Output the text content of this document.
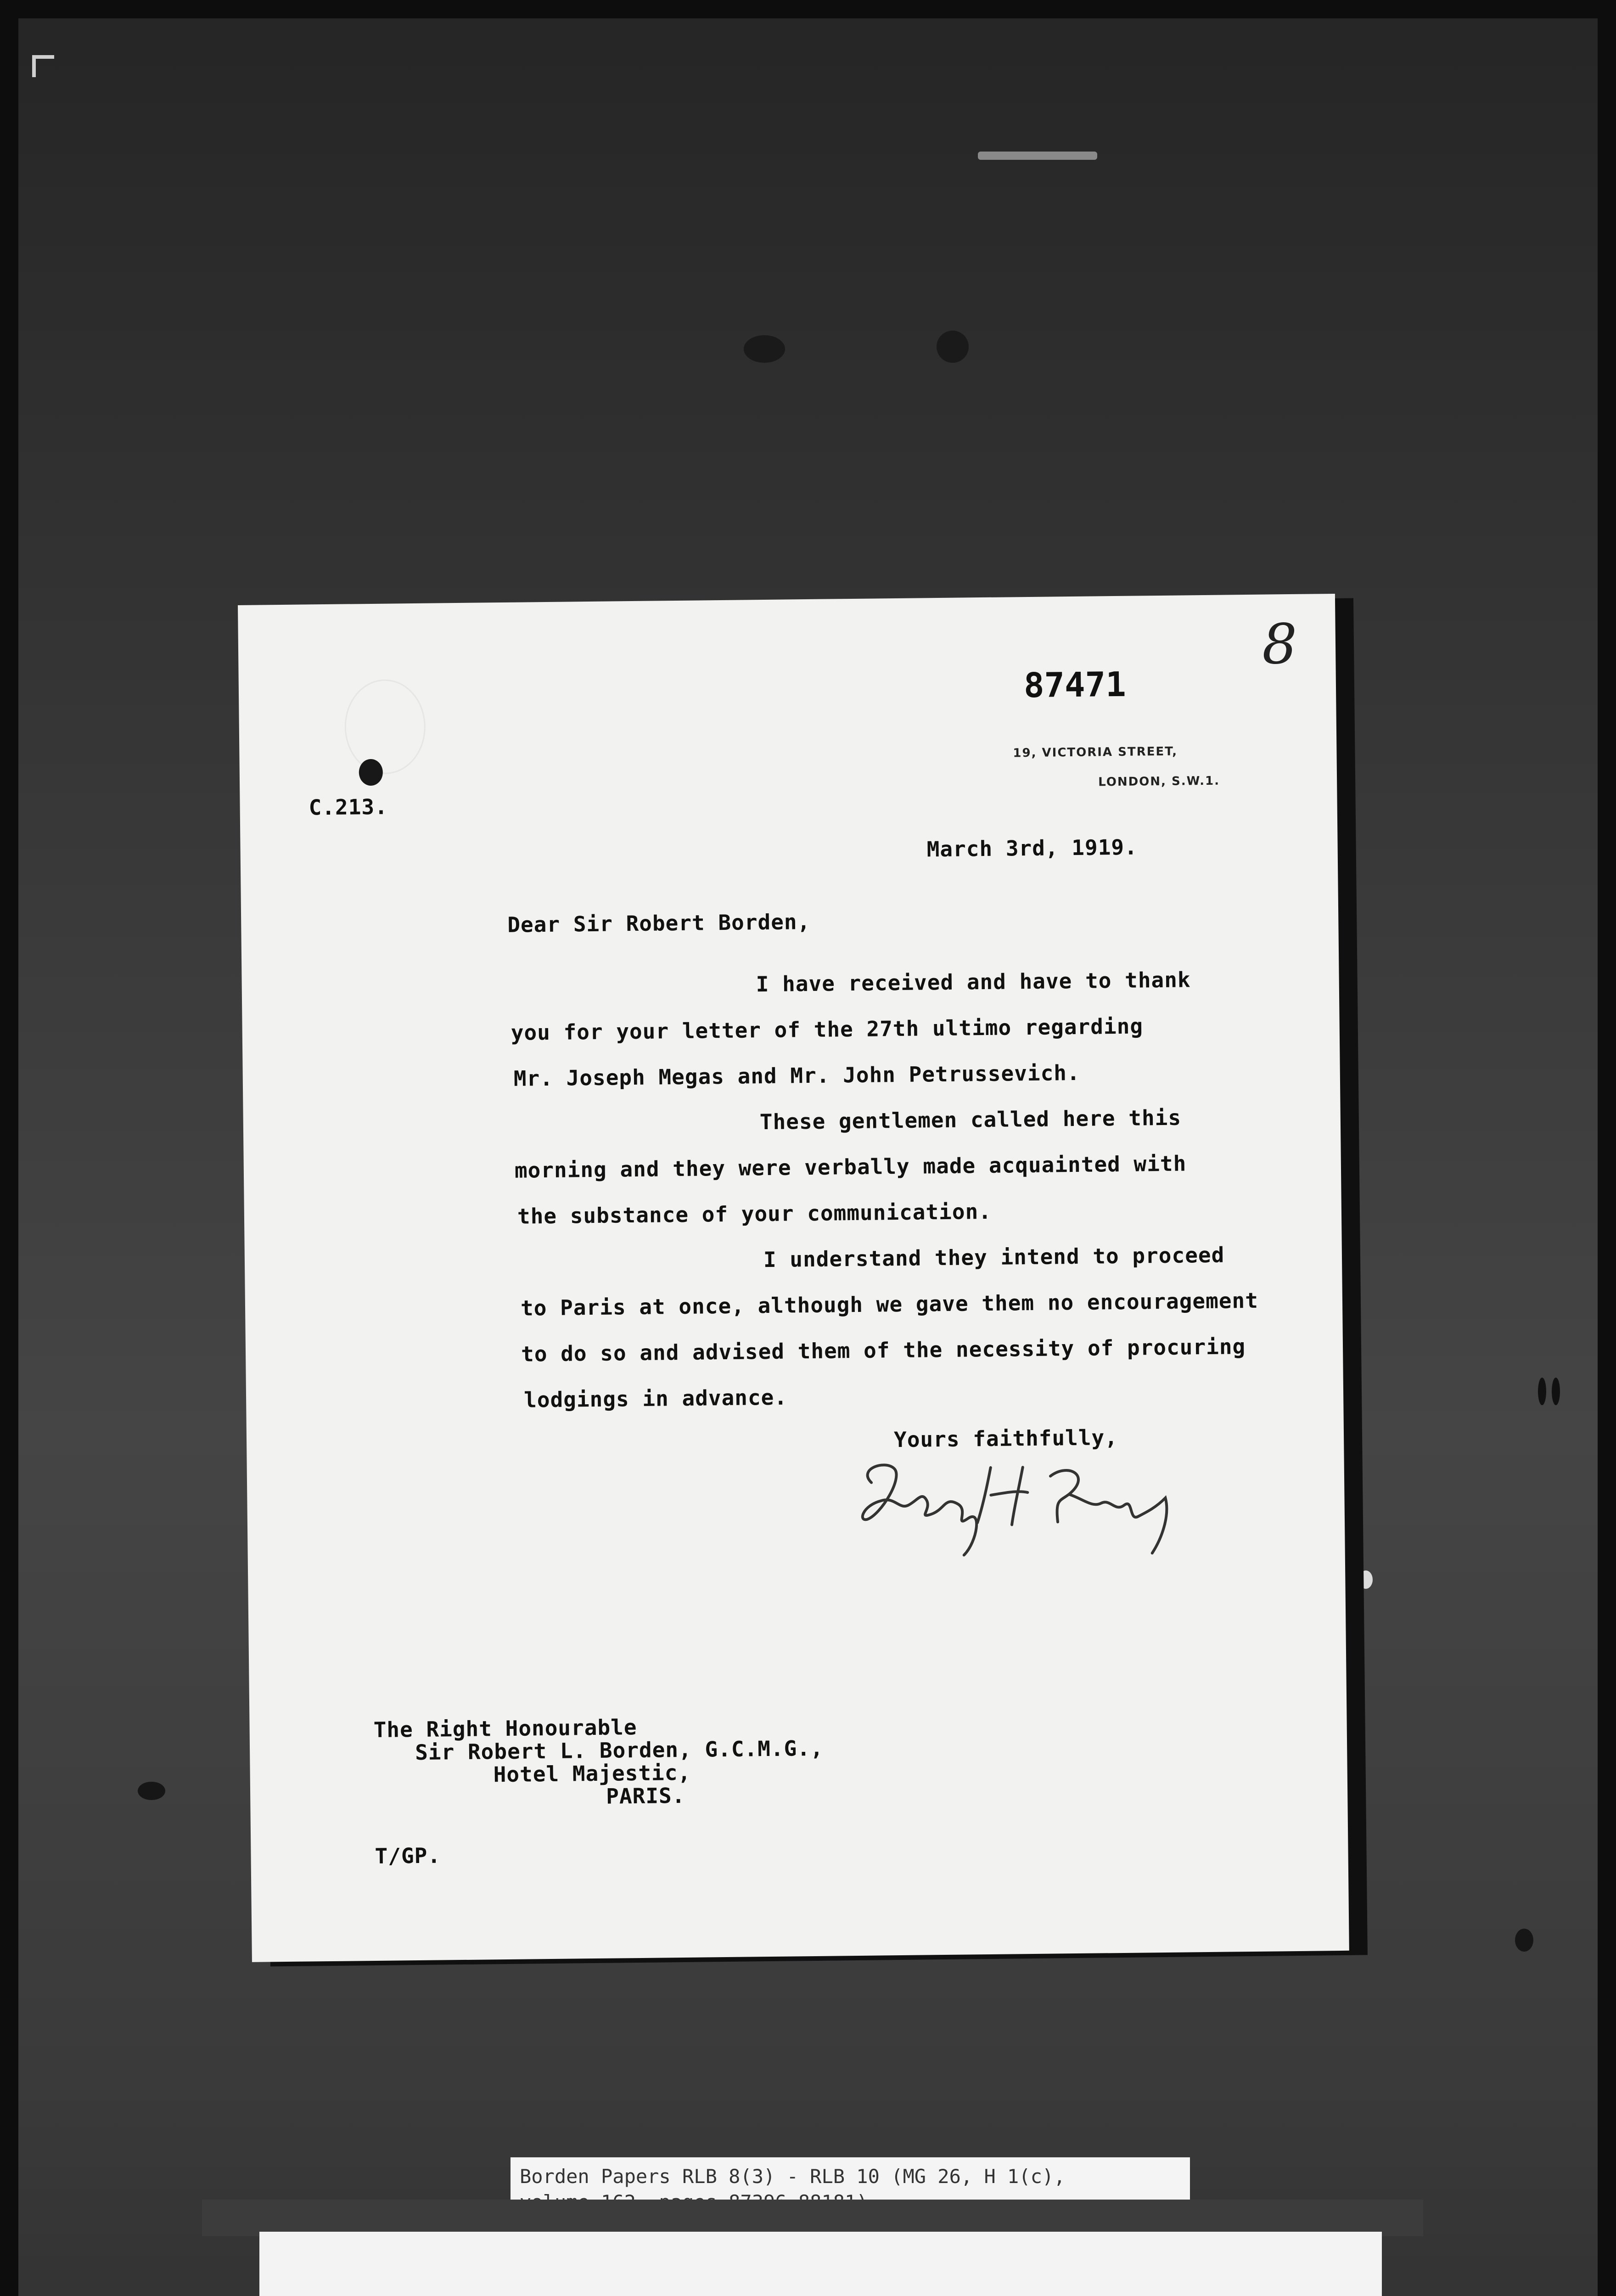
8
87471
19, VICTORIA STREET,
LONDON, S.W.1.
C.213.
March 3rd, 1919.
Dear Sir Robert Borden,
I have received and have to thank
you for your letter of the 27th ultimo regarding
Mr. Joseph Megas and Mr. John Petrussevich.
These gentlemen called here this
morning and they were verbally made acquainted with
the substance of your communication.
I understand they intend to proceed
to Paris at once, although we gave them no encouragement
to do so and advised them of the necessity of procuring
lodgings in advance.
Yours faithfully,
The Right Honourable
Sir Robert L. Borden, G.C.M.G.,
Hotel Majestic,
PARIS.
T/GP.
Borden Papers RLB 8(3) - RLB 10 (MG 26, H 1(c),
